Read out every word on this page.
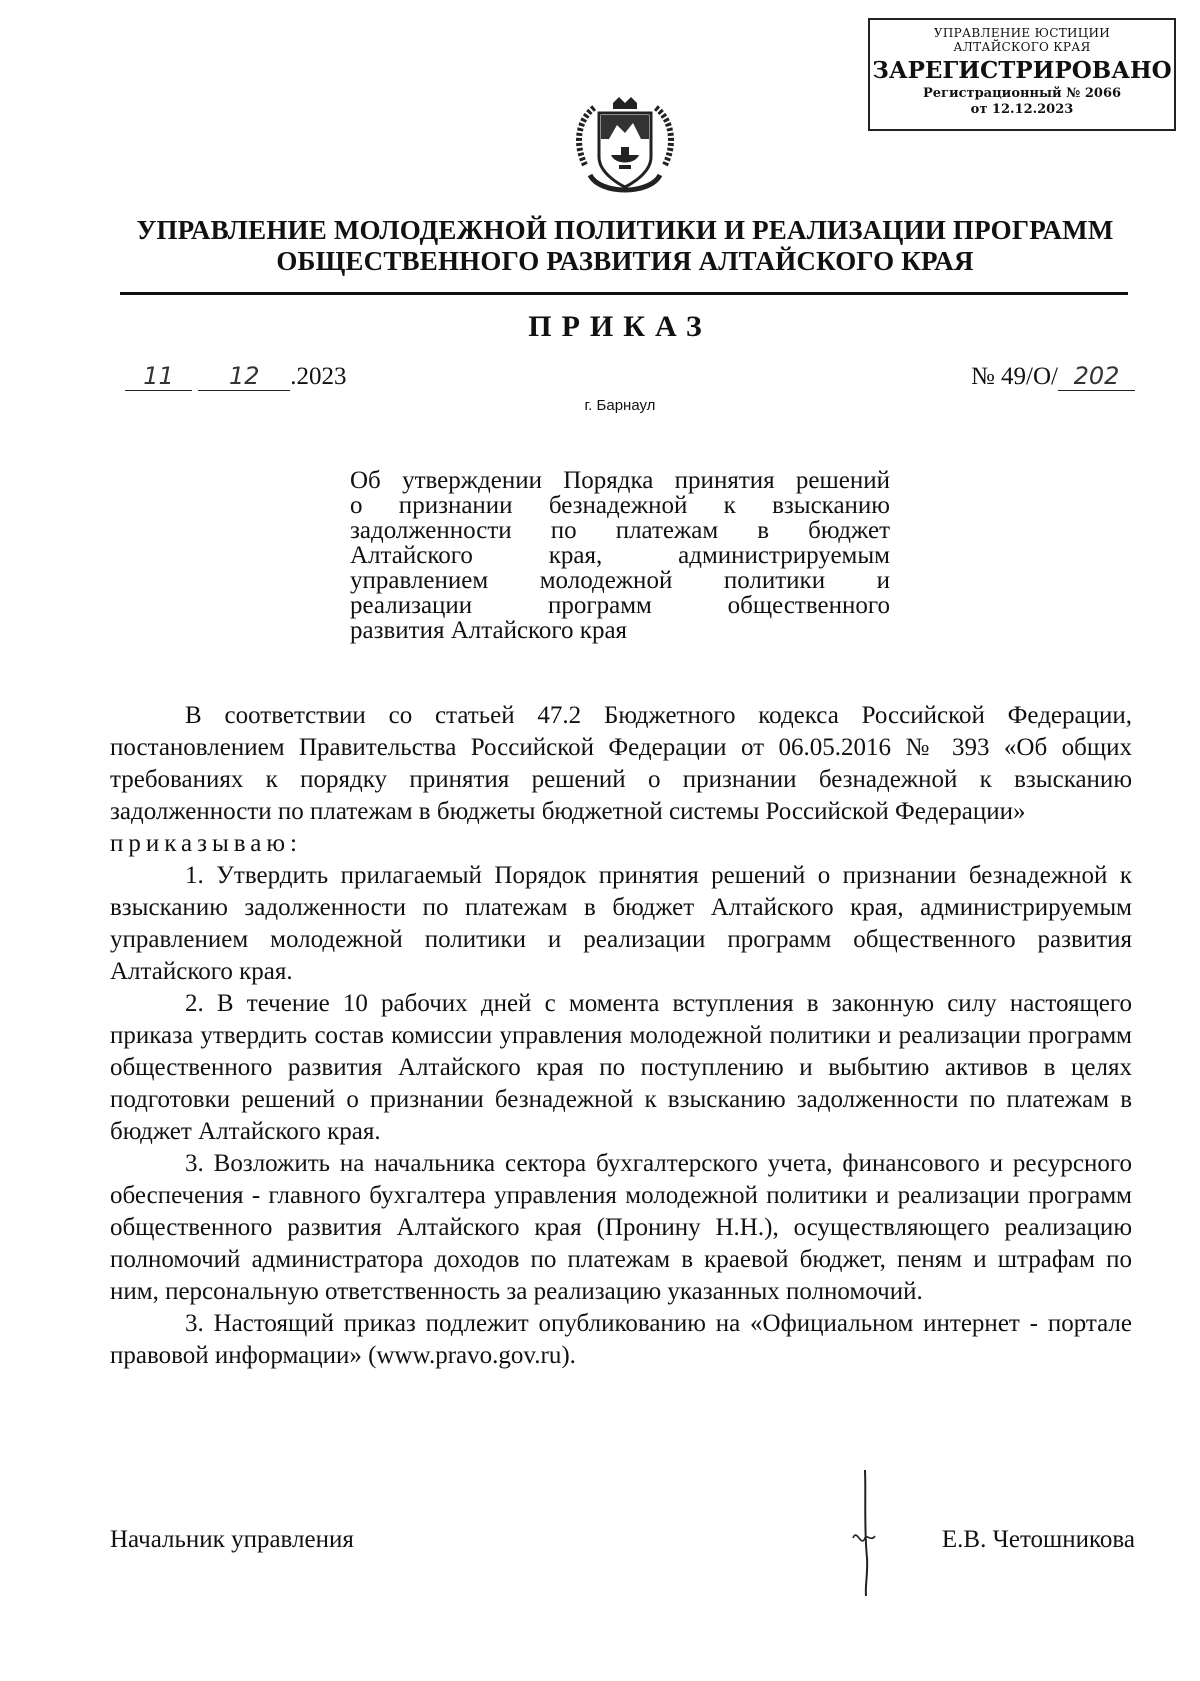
УПРАВЛЕНИЕ ЮСТИЦИИ
АЛТАЙСКОГО КРАЯ
ЗАРЕГИСТРИРОВАНО
Регистрационный № 2066
от 12.12.2023
УПРАВЛЕНИЕ МОЛОДЕЖНОЙ ПОЛИТИКИ И РЕАЛИЗАЦИИ ПРОГРАММ
ОБЩЕСТВЕННОГО РАЗВИТИЯ АЛТАЙСКОГО КРАЯ
ПРИКАЗ
11 12 .2023	№ 49/О/ 202
г. Барнаул
Об утверждении Порядка принятия решений
о признании безнадежной к взысканию
задолженности по платежам в бюджет
Алтайского края, администрируемым
управлением молодежной политики и
реализации программ общественного
развития Алтайского края

В соответствии со статьей 47.2 Бюджетного кодекса Российской Федерации, постановлением Правительства Российской Федерации от 06.05.2016 № 393 «Об общих требованиях к порядку принятия решений о признании безнадежной к взысканию задолженности по платежам в бюджеты бюджетной системы Российской Федерации»

приказываю:

1. Утвердить прилагаемый Порядок принятия решений о признании безнадежной к взысканию задолженности по платежам в бюджет Алтайского края, администрируемым управлением молодежной политики и реализации программ общественного развития Алтайского края.

2. В течение 10 рабочих дней с момента вступления в законную силу настоящего приказа утвердить состав комиссии управления молодежной политики и реализации программ общественного развития Алтайского края по поступлению и выбытию активов в целях подготовки решений о признании безнадежной к взысканию задолженности по платежам в бюджет Алтайского края.

3. Возложить на начальника сектора бухгалтерского учета, финансового и ресурсного обеспечения - главного бухгалтера управления молодежной политики и реализации программ общественного развития Алтайского края (Пронину Н.Н.), осуществляющего реализацию полномочий администратора доходов по платежам в краевой бюджет, пеням и штрафам по ним, персональную ответственность за реализацию указанных полномочий.

3. Настоящий приказ подлежит опубликованию на «Официальном интернет - портале правовой информации» (www.pravo.gov.ru).

Начальник управления	Е.В. Четошникова
